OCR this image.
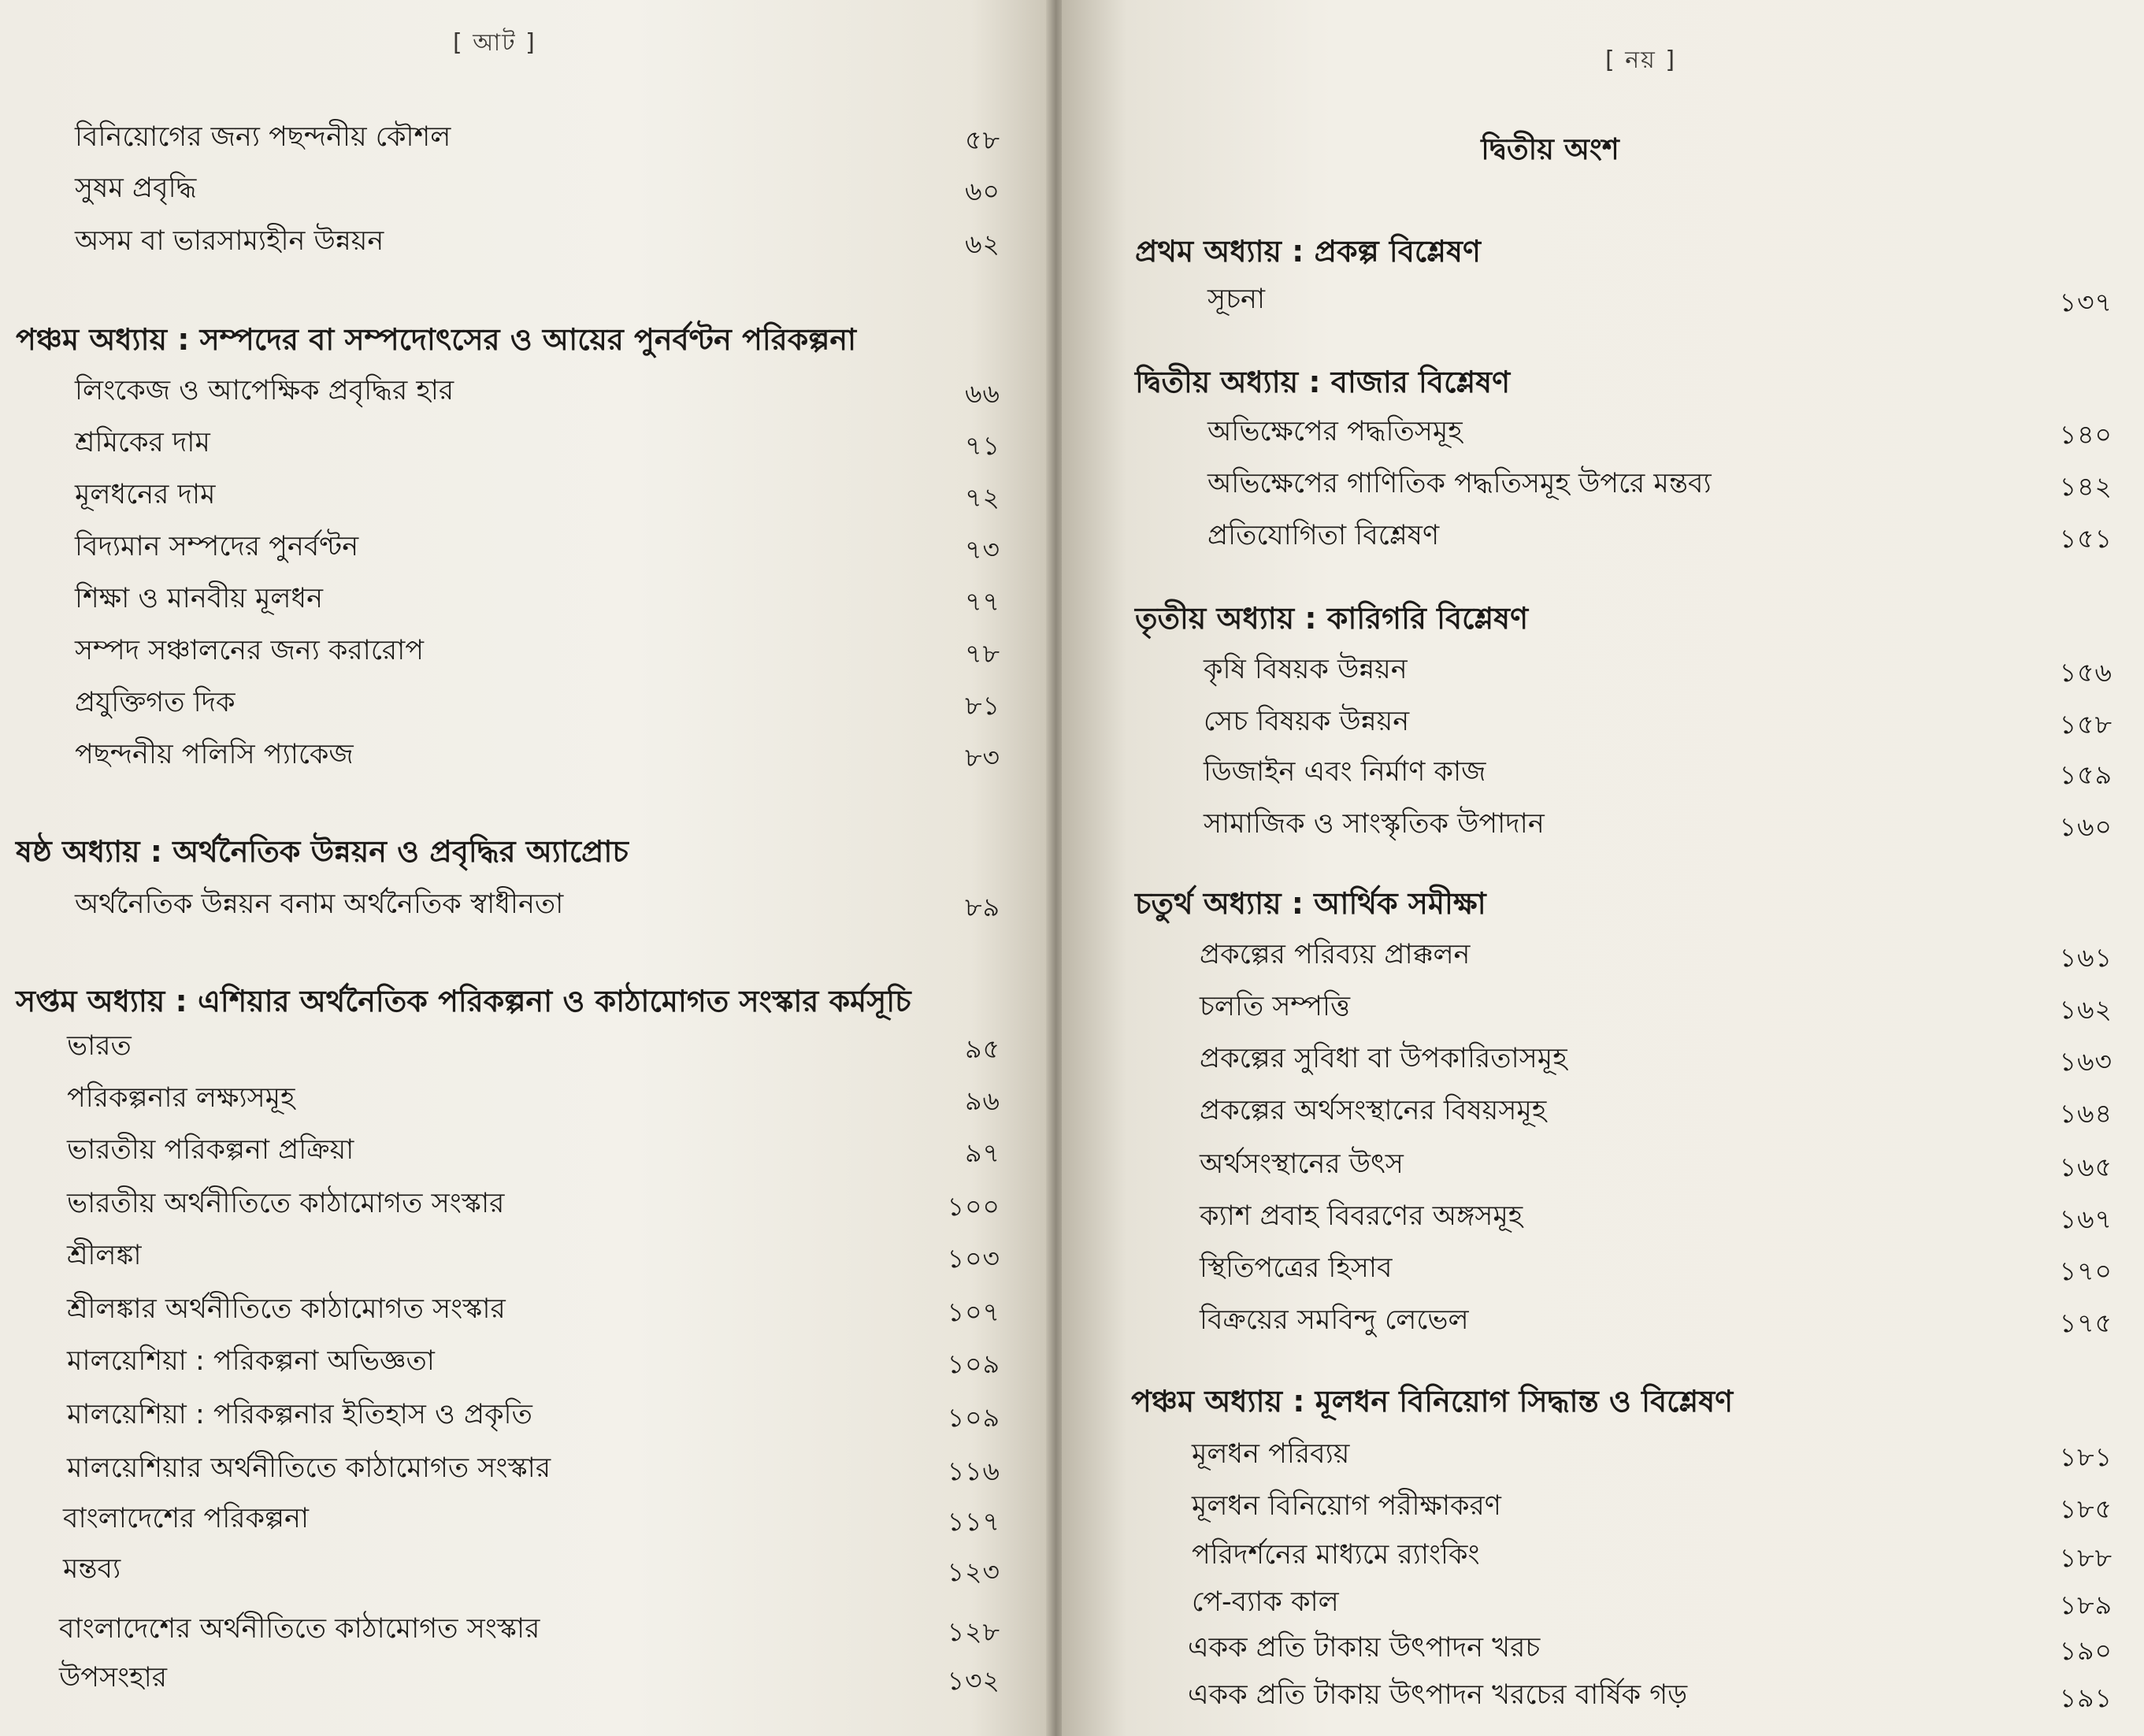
[ আট ]
বিনিয়োগের জন্য পছন্দনীয় কৌশল	৫৮
সুষম প্রবৃদ্ধি	৬০
অসম বা ভারসাম্যহীন উন্নয়ন	৬২
পঞ্চম অধ্যায় : সম্পদের বা সম্পদোৎসের ও আয়ের পুনর্বণ্টন পরিকল্পনা
লিংকেজ ও আপেক্ষিক প্রবৃদ্ধির হার	৬৬
শ্রমিকের দাম	৭১
মূলধনের দাম	৭২
বিদ্যমান সম্পদের পুনর্বণ্টন	৭৩
শিক্ষা ও মানবীয় মূলধন	৭৭
সম্পদ সঞ্চালনের জন্য করারোপ	৭৮
প্রযুক্তিগত দিক	৮১
পছন্দনীয় পলিসি প্যাকেজ	৮৩
ষষ্ঠ অধ্যায় : অর্থনৈতিক উন্নয়ন ও প্রবৃদ্ধির অ্যাপ্রোচ
অর্থনৈতিক উন্নয়ন বনাম অর্থনৈতিক স্বাধীনতা	৮৯
সপ্তম অধ্যায় : এশিয়ার অর্থনৈতিক পরিকল্পনা ও কাঠামোগত সংস্কার কর্মসূচি
ভারত	৯৫
পরিকল্পনার লক্ষ্যসমূহ	৯৬
ভারতীয় পরিকল্পনা প্রক্রিয়া	৯৭
ভারতীয় অর্থনীতিতে কাঠামোগত সংস্কার	১০০
শ্রীলঙ্কা	১০৩
শ্রীলঙ্কার অর্থনীতিতে কাঠামোগত সংস্কার	১০৭
মালয়েশিয়া : পরিকল্পনা অভিজ্ঞতা	১০৯
মালয়েশিয়া : পরিকল্পনার ইতিহাস ও প্রকৃতি	১০৯
মালয়েশিয়ার অর্থনীতিতে কাঠামোগত সংস্কার	১১৬
বাংলাদেশের পরিকল্পনা	১১৭
মন্তব্য	১২৩
বাংলাদেশের অর্থনীতিতে কাঠামোগত সংস্কার	১২৮
উপসংহার	১৩২
[ নয় ]
দ্বিতীয় অংশ
প্রথম অধ্যায় : প্রকল্প বিশ্লেষণ
সূচনা	১৩৭
দ্বিতীয় অধ্যায় : বাজার বিশ্লেষণ
অভিক্ষেপের পদ্ধতিসমূহ	১৪০
অভিক্ষেপের গাণিতিক পদ্ধতিসমূহ উপরে মন্তব্য	১৪২
প্রতিযোগিতা বিশ্লেষণ	১৫১
তৃতীয় অধ্যায় : কারিগরি বিশ্লেষণ
কৃষি বিষয়ক উন্নয়ন	১৫৬
সেচ বিষয়ক উন্নয়ন	১৫৮
ডিজাইন এবং নির্মাণ কাজ	১৫৯
সামাজিক ও সাংস্কৃতিক উপাদান	১৬০
চতুর্থ অধ্যায় : আর্থিক সমীক্ষা
প্রকল্পের পরিব্যয় প্রাক্কলন	১৬১
চলতি সম্পত্তি	১৬২
প্রকল্পের সুবিধা বা উপকারিতাসমূহ	১৬৩
প্রকল্পের অর্থসংস্থানের বিষয়সমূহ	১৬৪
অর্থসংস্থানের উৎস	১৬৫
ক্যাশ প্রবাহ বিবরণের অঙ্গসমূহ	১৬৭
স্থিতিপত্রের হিসাব	১৭০
বিক্রয়ের সমবিন্দু লেভেল	১৭৫
পঞ্চম অধ্যায় : মূলধন বিনিয়োগ সিদ্ধান্ত ও বিশ্লেষণ
মূলধন পরিব্যয়	১৮১
মূলধন বিনিয়োগ পরীক্ষাকরণ	১৮৫
পরিদর্শনের মাধ্যমে র‍্যাংকিং	১৮৮
পে-ব্যাক কাল	১৮৯
একক প্রতি টাকায় উৎপাদন খরচ	১৯০
একক প্রতি টাকায় উৎপাদন খরচের বার্ষিক গড়	১৯১
